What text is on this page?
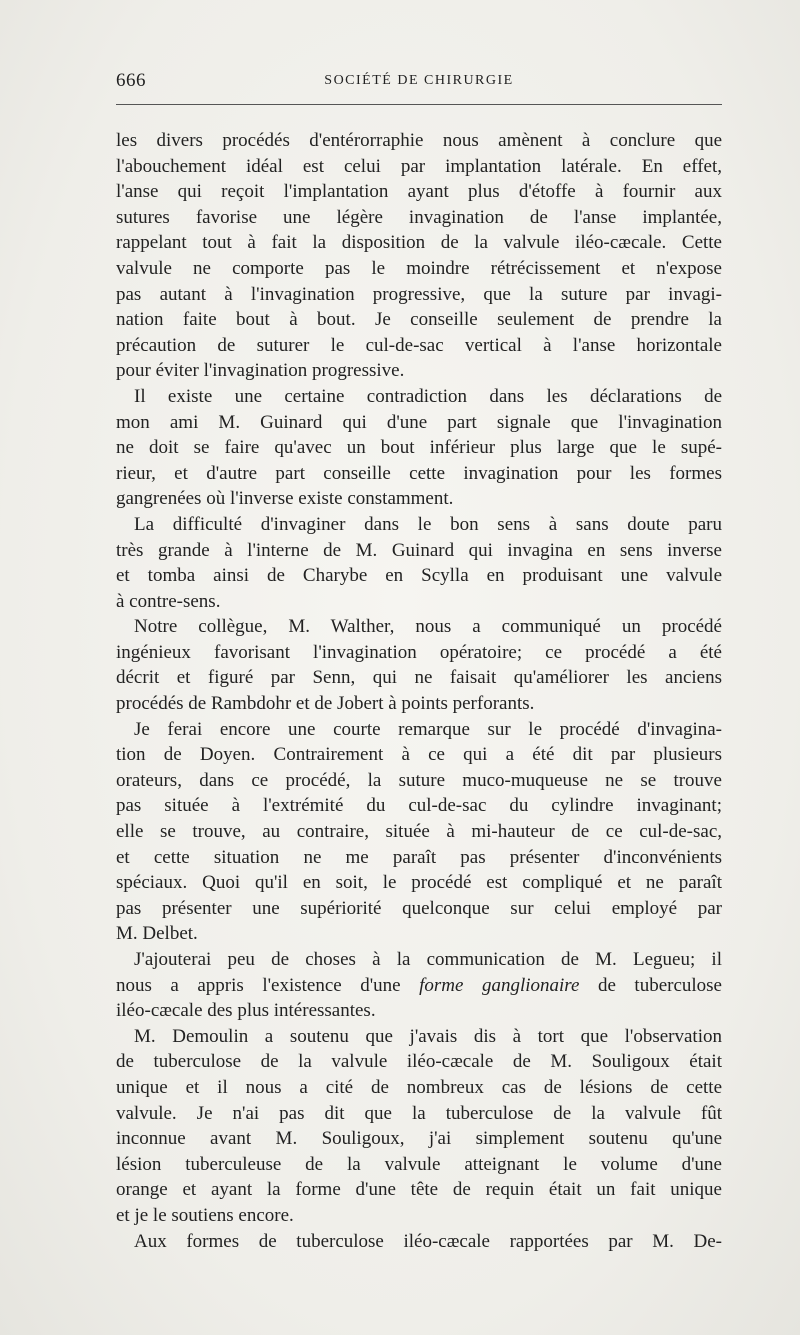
666	SOCIÉTÉ DE CHIRURGIE
les divers procédés d'entérorraphie nous amènent à conclure que
l'abouchement idéal est celui par implantation latérale. En effet,
l'anse qui reçoit l'implantation ayant plus d'étoffe à fournir aux
sutures favorise une légère invagination de l'anse implantée,
rappelant tout à fait la disposition de la valvule iléo-cæcale. Cette
valvule ne comporte pas le moindre rétrécissement et n'expose
pas autant à l'invagination progressive, que la suture par invagi-
nation faite bout à bout. Je conseille seulement de prendre la
précaution de suturer le cul-de-sac vertical à l'anse horizontale
pour éviter l'invagination progressive.
Il existe une certaine contradiction dans les déclarations de
mon ami M. Guinard qui d'une part signale que l'invagination
ne doit se faire qu'avec un bout inférieur plus large que le supé-
rieur, et d'autre part conseille cette invagination pour les formes
gangrenées où l'inverse existe constamment.
La difficulté d'invaginer dans le bon sens à sans doute paru
très grande à l'interne de M. Guinard qui invagina en sens inverse
et tomba ainsi de Charybe en Scylla en produisant une valvule
à contre-sens.
Notre collègue, M. Walther, nous a communiqué un procédé
ingénieux favorisant l'invagination opératoire; ce procédé a été
décrit et figuré par Senn, qui ne faisait qu'améliorer les anciens
procédés de Rambdohr et de Jobert à points perforants.
Je ferai encore une courte remarque sur le procédé d'invagina-
tion de Doyen. Contrairement à ce qui a été dit par plusieurs
orateurs, dans ce procédé, la suture muco-muqueuse ne se trouve
pas située à l'extrémité du cul-de-sac du cylindre invaginant;
elle se trouve, au contraire, située à mi-hauteur de ce cul-de-sac,
et cette situation ne me paraît pas présenter d'inconvénients
spéciaux. Quoi qu'il en soit, le procédé est compliqué et ne paraît
pas présenter une supériorité quelconque sur celui employé par
M. Delbet.
J'ajouterai peu de choses à la communication de M. Legueu; il
nous a appris l'existence d'une forme ganglionaire de tuberculose
iléo-cæcale des plus intéressantes.
M. Demoulin a soutenu que j'avais dis à tort que l'observation
de tuberculose de la valvule iléo-cæcale de M. Souligoux était
unique et il nous a cité de nombreux cas de lésions de cette
valvule. Je n'ai pas dit que la tuberculose de la valvule fût
inconnue avant M. Souligoux, j'ai simplement soutenu qu'une
lésion tuberculeuse de la valvule atteignant le volume d'une
orange et ayant la forme d'une tête de requin était un fait unique
et je le soutiens encore.
Aux formes de tuberculose iléo-cæcale rapportées par M. De-
